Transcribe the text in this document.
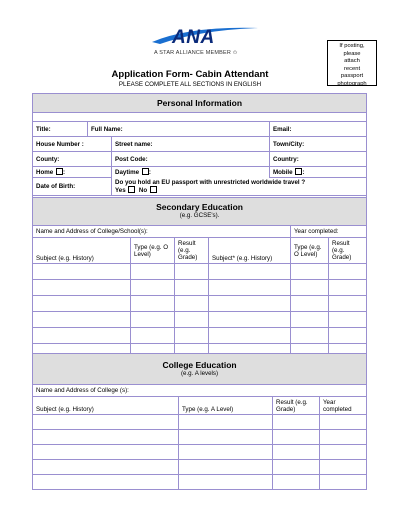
ANA
A STAR ALLIANCE MEMBER ✩
If posting,
please
attach
recent
passport
photograph
Application Form- Cabin Attendant
PLEASE COMPLETE ALL SECTIONS IN ENGLISH
Personal Information			

Title:	Full Name:		Email:
House Number :		Street name:	Town/City:
County:		Post Code:	Country:
Home :		Daytime :	Mobile :
Date of Birth:		Do you hold an EU passport with unrestricted worldwide travel ?
Yes No	

Secondary Education
(e.g. GCSE's).					

Name and Address of College/School(s):				Year completed:	
Subject (e.g. History)	Type (e.g. O Level)	Result (e.g. Grade)	Subject* (e.g. History)	Type (e.g. O Level)	Result (e.g. Grade)

College Education
(e.g. A levels)			

Name and Address of College (s):			
Subject (e.g. History)	Type (e.g. A Level)	Result (e.g. Grade)	Year completed
